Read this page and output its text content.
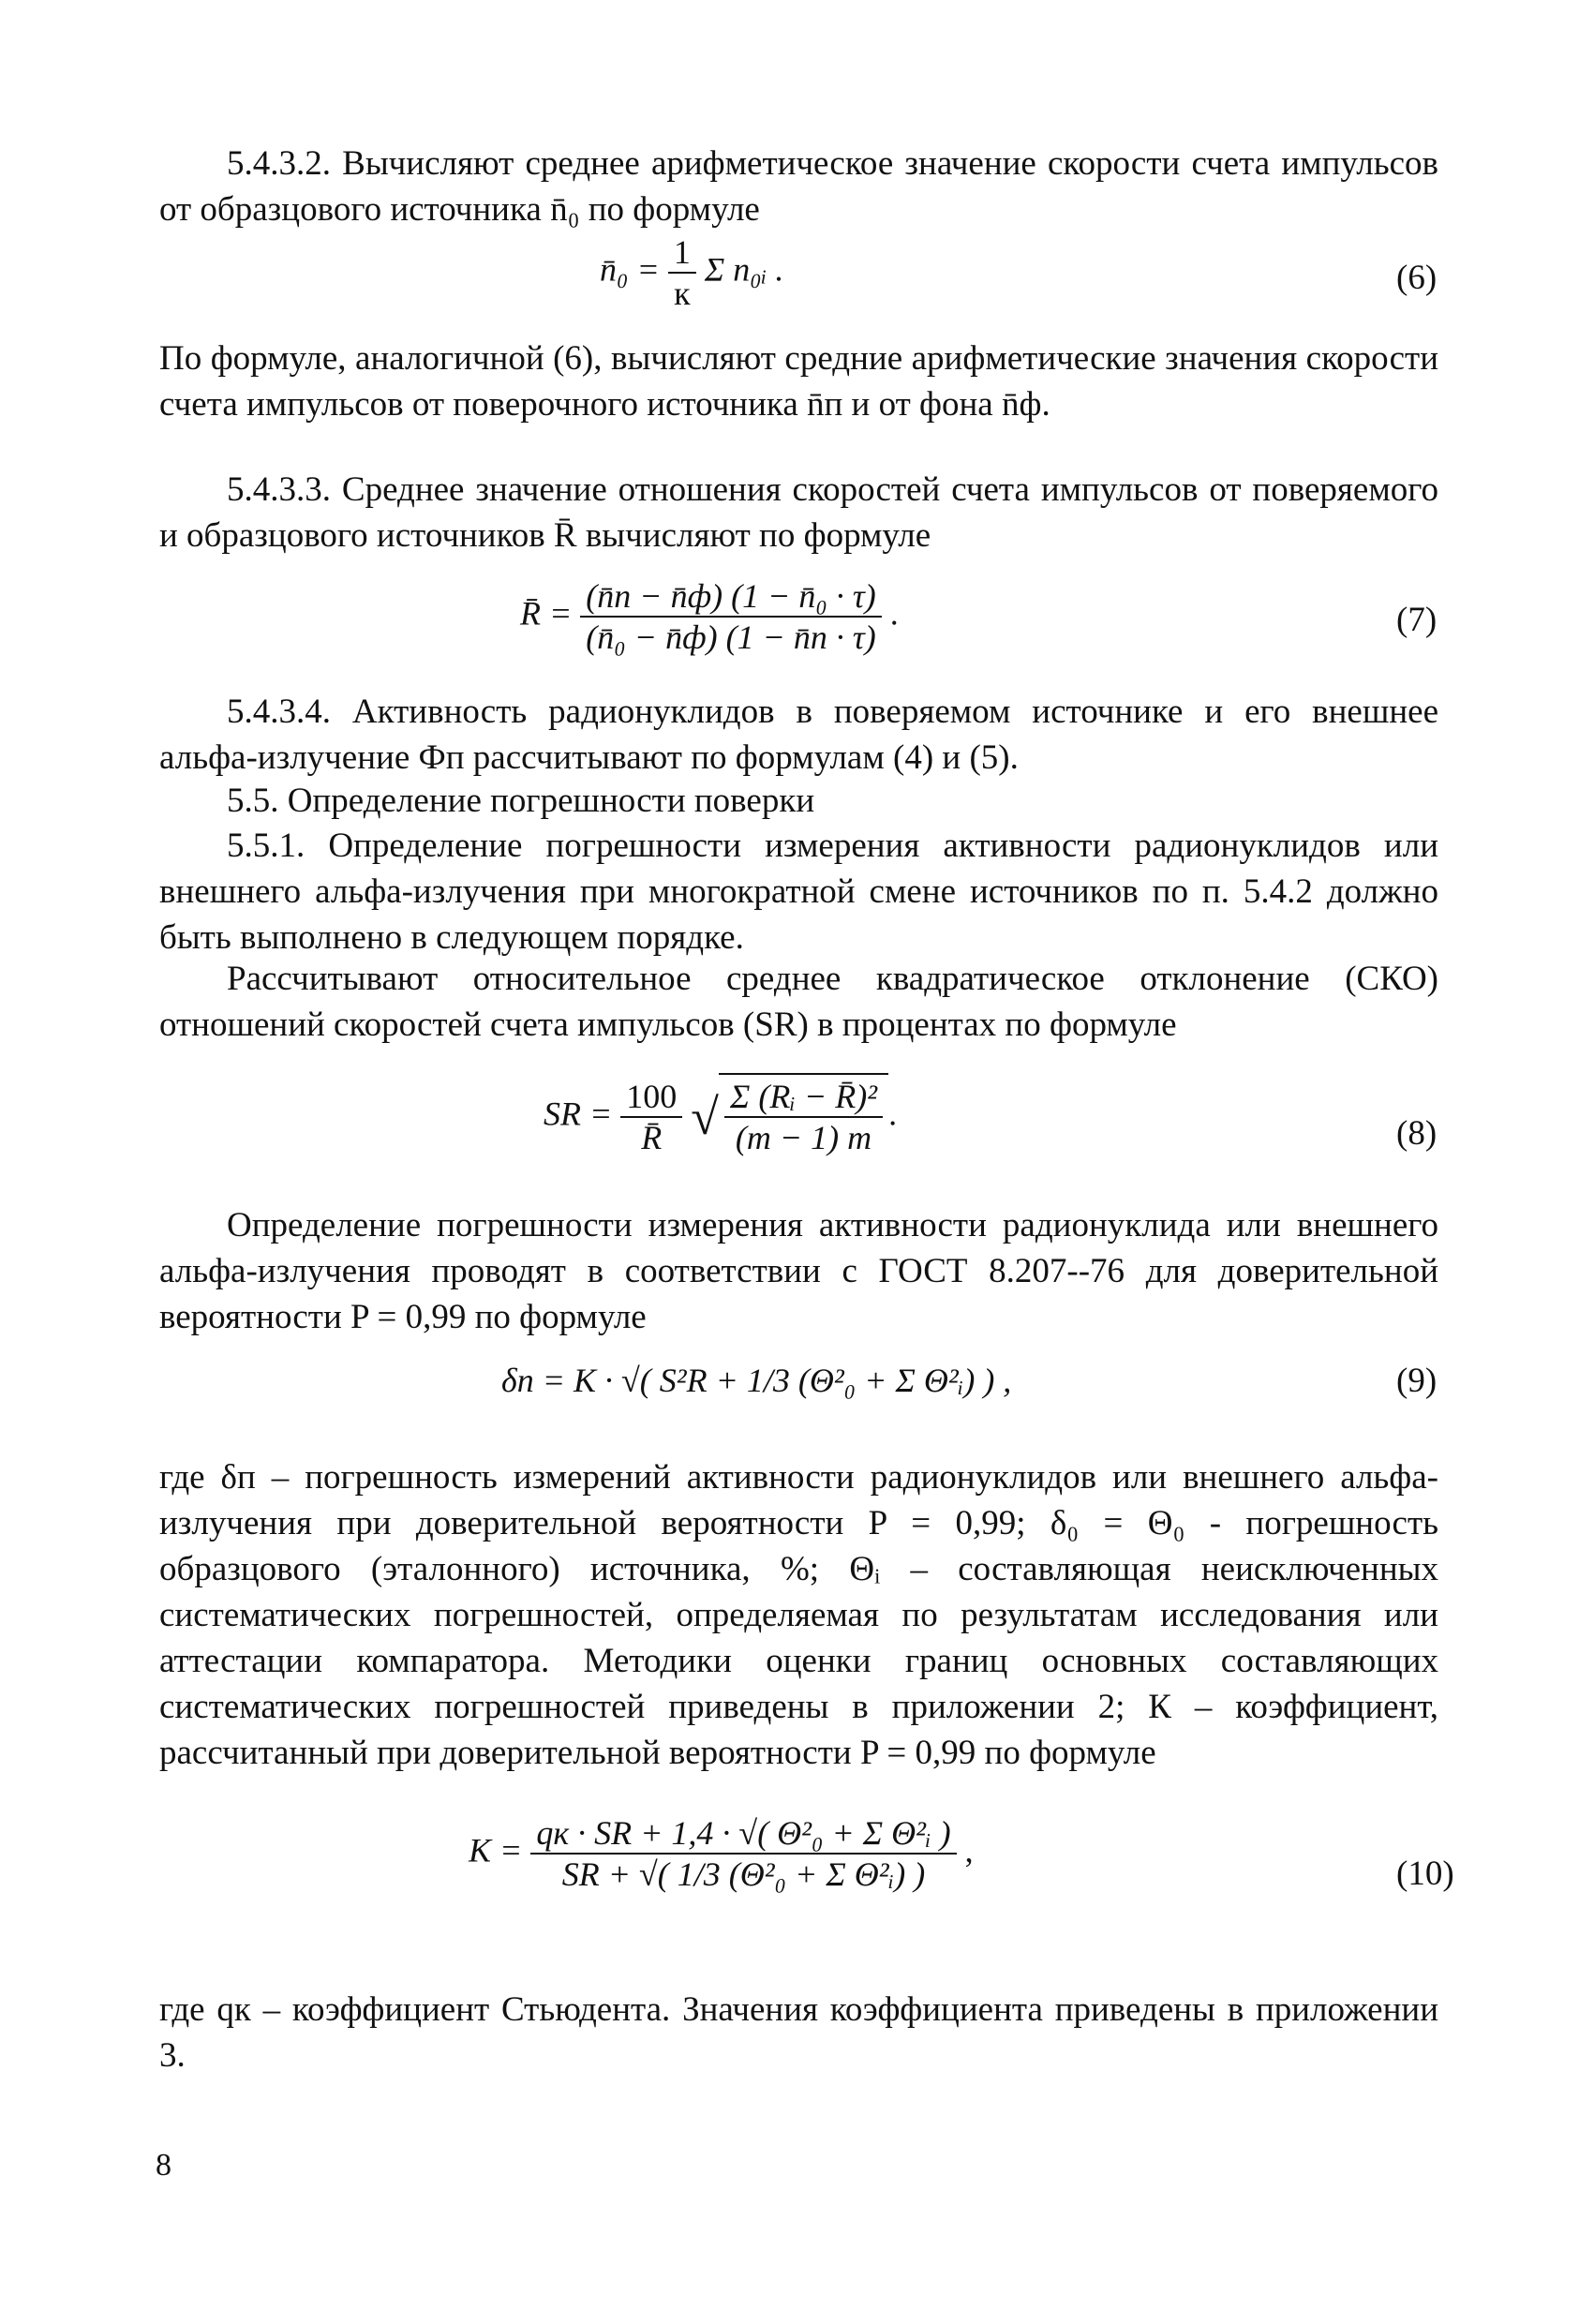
5.4.3.2. Вычисляют среднее арифметическое значение скорости счета импульсов от образцового источника n̄₀ по формуле

n̄₀ = $\frac{1}{к}$ Σ n₀ᵢ .	(6)

По формуле, аналогичной (6), вычисляют средние арифметические значения скорости счета импульсов от поверочного источника n̄п и от фона n̄ф.

5.4.3.3. Среднее значение отношения скоростей счета импульсов от поверяемого и образцового источников R̄ вычисляют по формуле

R̄ = $\frac{\text{(n̄п − n̄ф) (1 − n̄₀ · τ)}}{\text{(n̄₀ − n̄ф) (1 − n̄п · τ)}}$ .	(7)

5.4.3.4. Активность радионуклидов в поверяемом источнике и его внешнее альфа-излучение Фп рассчитывают по формулам (4) и (5).

5.5. Определение погрешности поверки

5.5.1. Определение погрешности измерения активности радионуклидов или внешнего альфа-излучения при многократной смене источников по п. 5.4.2 должно быть выполнено в следующем порядке.

Рассчитывают относительное среднее квадратическое отклонение (СКО) отношений скоростей счета импульсов (SR) в процентах по формуле

SR = $\frac{100}{R̄}$ √ $\frac{\text{Σ (Rᵢ − R̄)²}}{(m - 1) m}$ .
(8)

Определение погрешности измерения активности радионуклида или внешнего альфа-излучения проводят в соответствии с ГОСТ 8.207--76 для доверительной вероятности P = 0,99 по формуле

δп = K · √( S²R + 1/3 (Θ²₀ + Σ Θ²ᵢ) ) ,	(9)

где δп – погрешность измерений активности радионуклидов или внешнего альфа-излучения при доверительной вероятности P = 0,99; δ₀ = Θ₀ - погрешность образцового (эталонного) источника, %; Θᵢ – составляющая неисключенных систематических погрешностей, определяемая по результатам исследования или аттестации компаратора. Методики оценки границ основных составляющих систематических погрешностей приведены в приложении 2; К – коэффициент, рассчитанный при доверительной вероятности P = 0,99 по формуле

$K = \frac{\text{qк · SR + 1,4 · √( Θ²₀ + Σ Θ²ᵢ )}}{\text{SR + √( 1/3 (Θ²₀ + Σ Θ²ᵢ) )}}$ ,
(10)

где qк – коэффициент Стьюдента. Значения коэффициента приведены в приложении 3.

8
